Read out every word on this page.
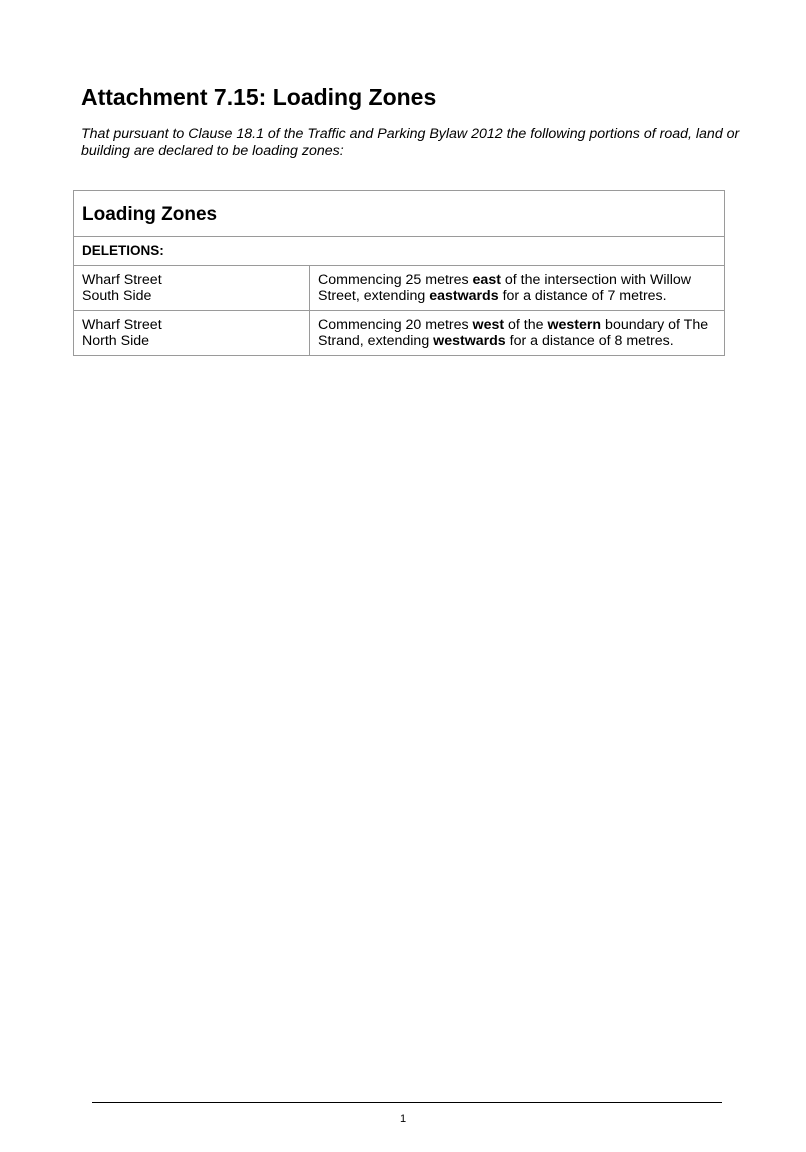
Attachment 7.15: Loading Zones

That pursuant to Clause 18.1 of the Traffic and Parking Bylaw 2012 the following portions of road, land or building are declared to be loading zones:

Loading Zones	
DELETIONS:	

Wharf Street
South Side	Commencing 25 metres east of the intersection with Willow
Street, extending eastwards for a distance of 7 metres.

Wharf Street
North Side	Commencing 20 metres west of the western boundary of The
Strand, extending westwards for a distance of 8 metres.
1
